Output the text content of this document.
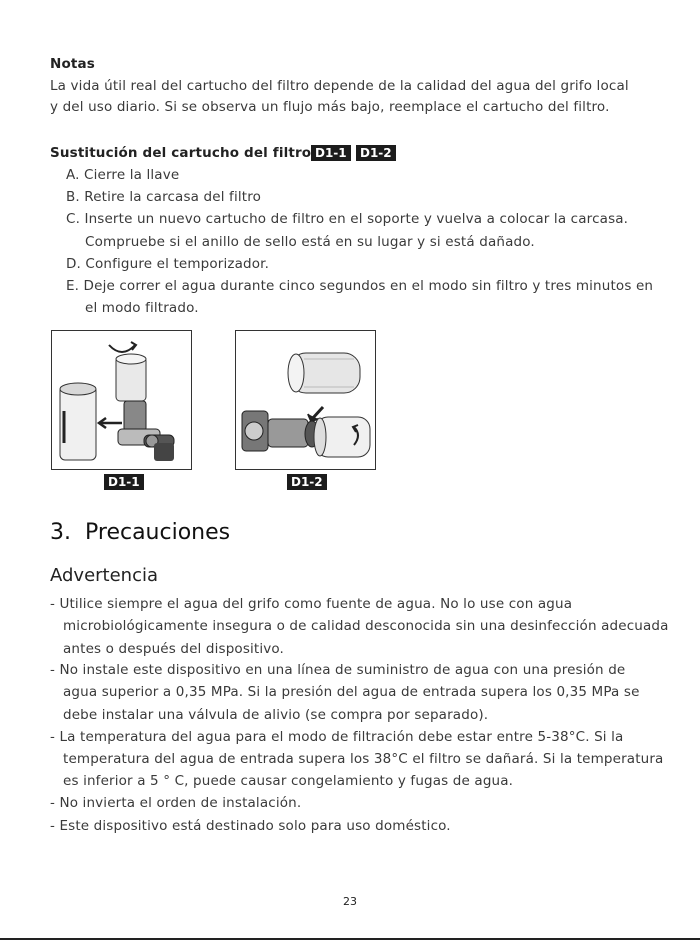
Notas
La vida útil real del cartucho del filtro depende de la calidad del agua del grifo local
y del uso diario. Si se observa un flujo más bajo, reemplace el cartucho del filtro.
Sustitución del cartucho del filtro D1-1	D1-2
A. Cierre la llave
B. Retire la carcasa del filtro
C. Inserte un nuevo cartucho de filtro en el soporte y vuelva a colocar la carcasa.
Compruebe si el anillo de sello está en su lugar y si está dañado.
D. Configure el temporizador.
E. Deje correr el agua durante cinco segundos en el modo sin filtro y tres minutos en
el modo filtrado.
D1-1	D1-2
3. Precauciones
Advertencia
- Utilice siempre el agua del grifo como fuente de agua. No lo use con agua
microbiológicamente insegura o de calidad desconocida sin una desinfección adecuada
antes o después del dispositivo.
- No instale este dispositivo en una línea de suministro de agua con una presión de
agua superior a 0,35 MPa. Si la presión del agua de entrada supera los 0,35 MPa se
debe instalar una válvula de alivio (se compra por separado).
- La temperatura del agua para el modo de filtración debe estar entre 5-38°C. Si la
temperatura del agua de entrada supera los 38°C el filtro se dañará. Si la temperatura
es inferior a 5 ° C, puede causar congelamiento y fugas de agua.
- No invierta el orden de instalación.
- Este dispositivo está destinado solo para uso doméstico.
23
